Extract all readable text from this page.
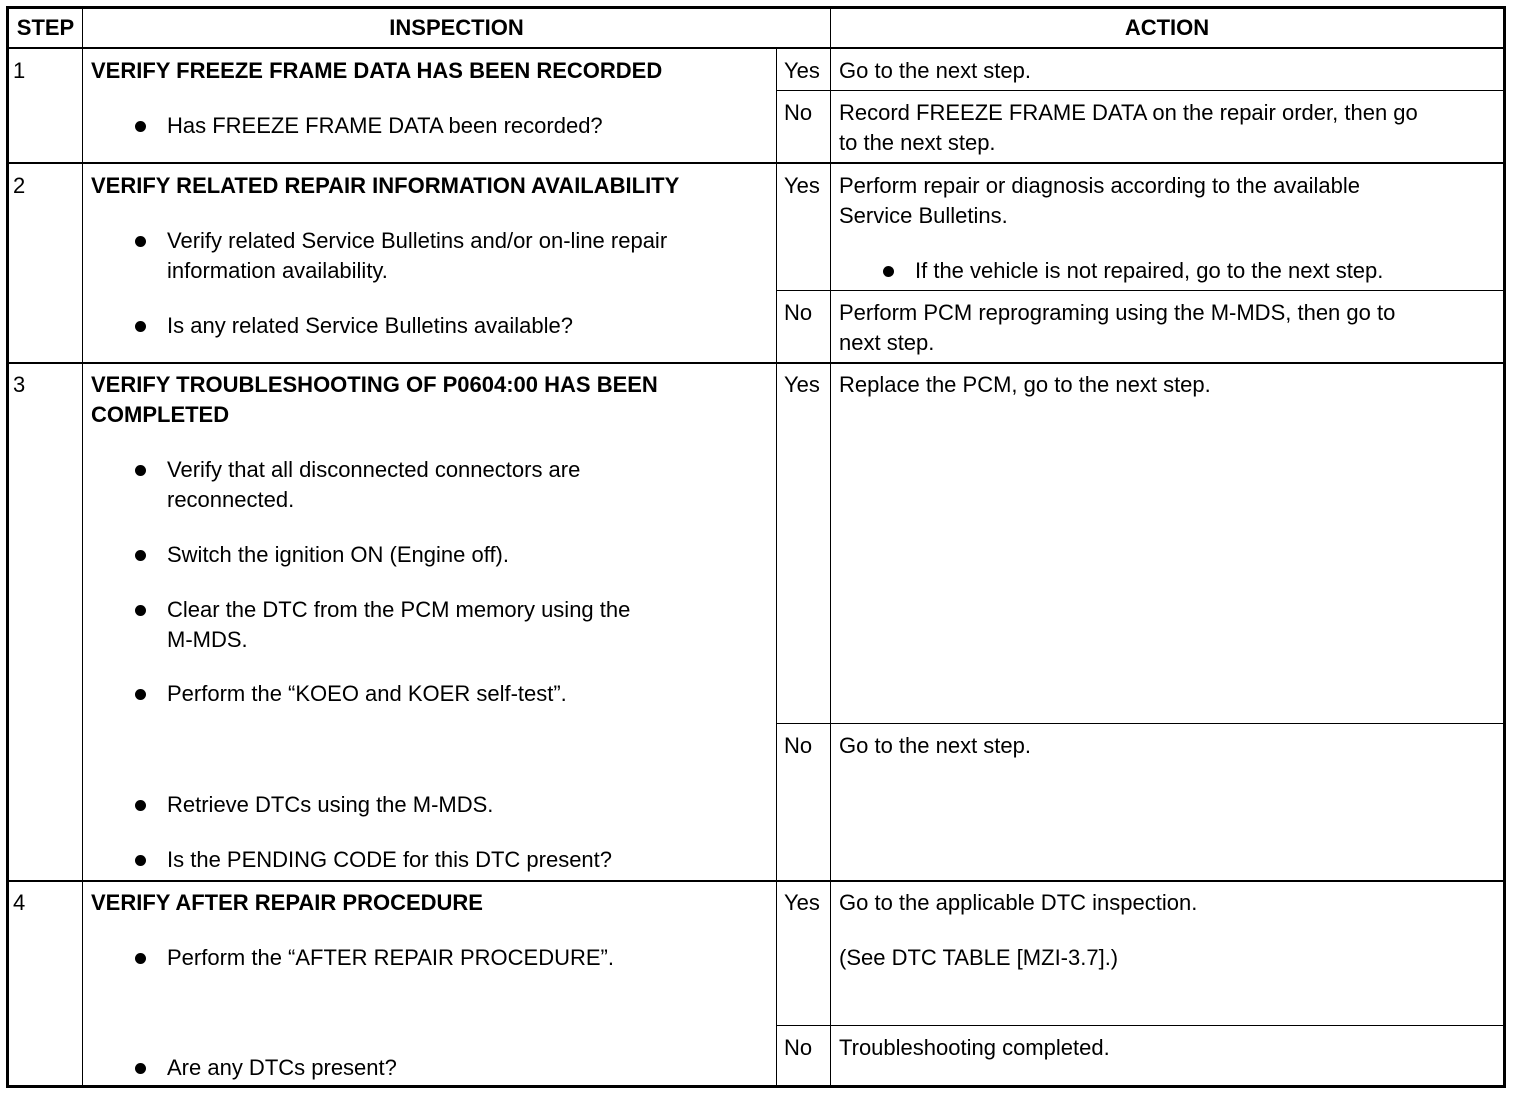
STEP	INSPECTION	ACTION
1	VERIFY FREEZE FRAME DATA HAS BEEN RECORDED
Has FREEZE FRAME DATA been recorded?
Yes Go to the next step.
No Record FREEZE FRAME DATA on the repair order, then go
to the next step.
2	VERIFY RELATED REPAIR INFORMATION AVAILABILITY
Verify related Service Bulletins and/or on-line repair
information availability.
Is any related Service Bulletins available?
Yes Perform repair or diagnosis according to the available
Service Bulletins.
If the vehicle is not repaired, go to the next step.
No Perform PCM reprograming using the M-MDS, then go to
next step.
3	VERIFY TROUBLESHOOTING OF P0604:00 HAS BEEN
COMPLETED
Verify that all disconnected connectors are
reconnected.
Switch the ignition ON (Engine off).
Clear the DTC from the PCM memory using the
M-MDS.
Perform the “KOEO and KOER self-test”.
Retrieve DTCs using the M-MDS.
Is the PENDING CODE for this DTC present?
Yes Replace the PCM, go to the next step.
No Go to the next step.
4	VERIFY AFTER REPAIR PROCEDURE
Perform the “AFTER REPAIR PROCEDURE”.
Are any DTCs present?
Yes Go to the applicable DTC inspection.
(See DTC TABLE [MZI-3.7].)
No Troubleshooting completed.
